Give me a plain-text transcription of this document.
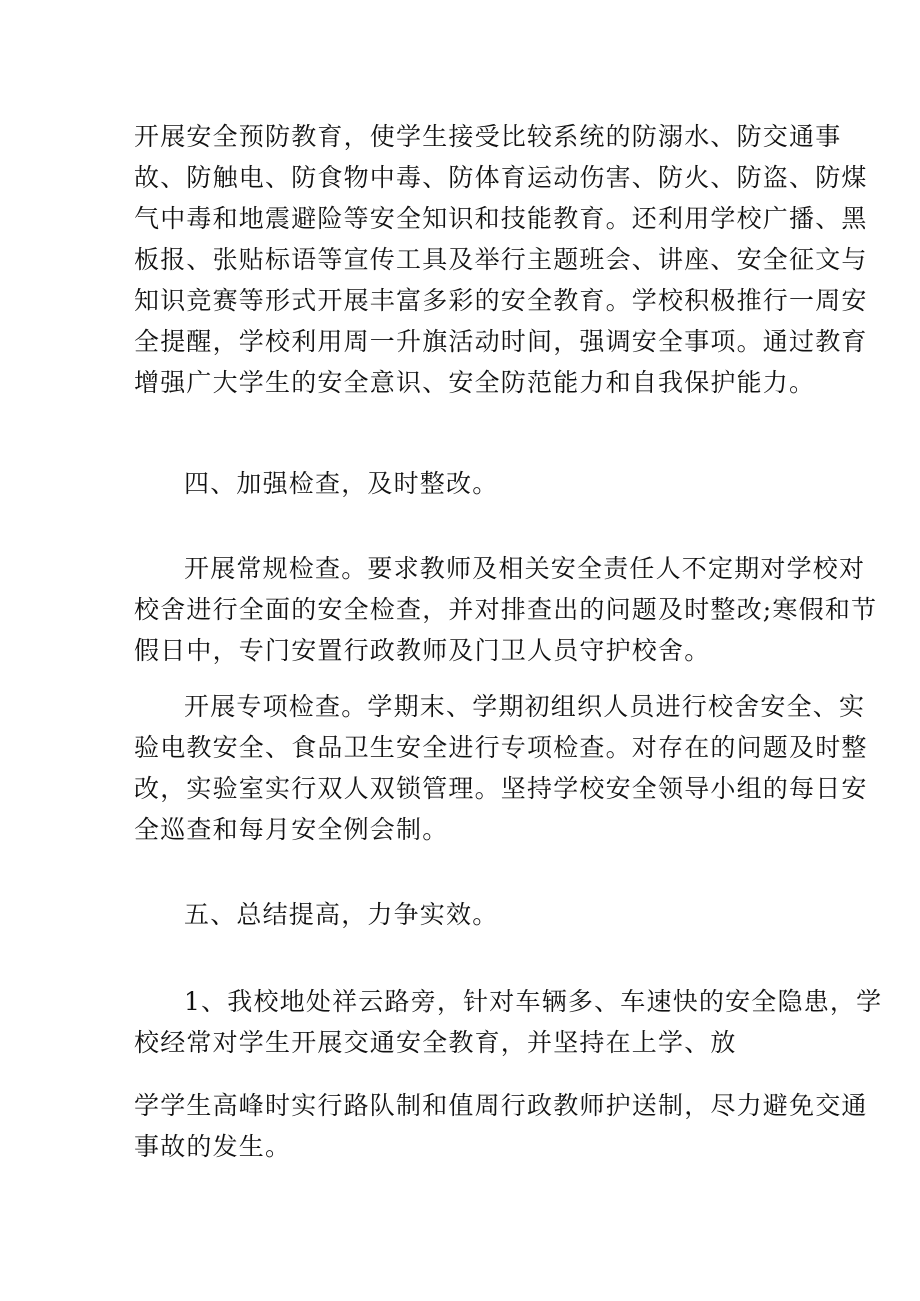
开展安全预防教育，使学生接受比较系统的防溺水、防交通事
故、防触电、防食物中毒、防体育运动伤害、防火、防盗、防煤
气中毒和地震避险等安全知识和技能教育。还利用学校广播、黑
板报、张贴标语等宣传工具及举行主题班会、讲座、安全征文与
知识竞赛等形式开展丰富多彩的安全教育。学校积极推行一周安
全提醒，学校利用周一升旗活动时间，强调安全事项。通过教育
增强广大学生的安全意识、安全防范能力和自我保护能力。
四、加强检查，及时整改。
开展常规检查。要求教师及相关安全责任人不定期对学校对
校舍进行全面的安全检查，并对排查出的问题及时整改;寒假和节
假日中，专门安置行政教师及门卫人员守护校舍。
开展专项检查。学期末、学期初组织人员进行校舍安全、实
验电教安全、食品卫生安全进行专项检查。对存在的问题及时整
改，实验室实行双人双锁管理。坚持学校安全领导小组的每日安
全巡查和每月安全例会制。
五、总结提高，力争实效。
1、我校地处祥云路旁，针对车辆多、车速快的安全隐患，学
校经常对学生开展交通安全教育，并坚持在上学、放
学学生高峰时实行路队制和值周行政教师护送制，尽力避免交通
事故的发生。
